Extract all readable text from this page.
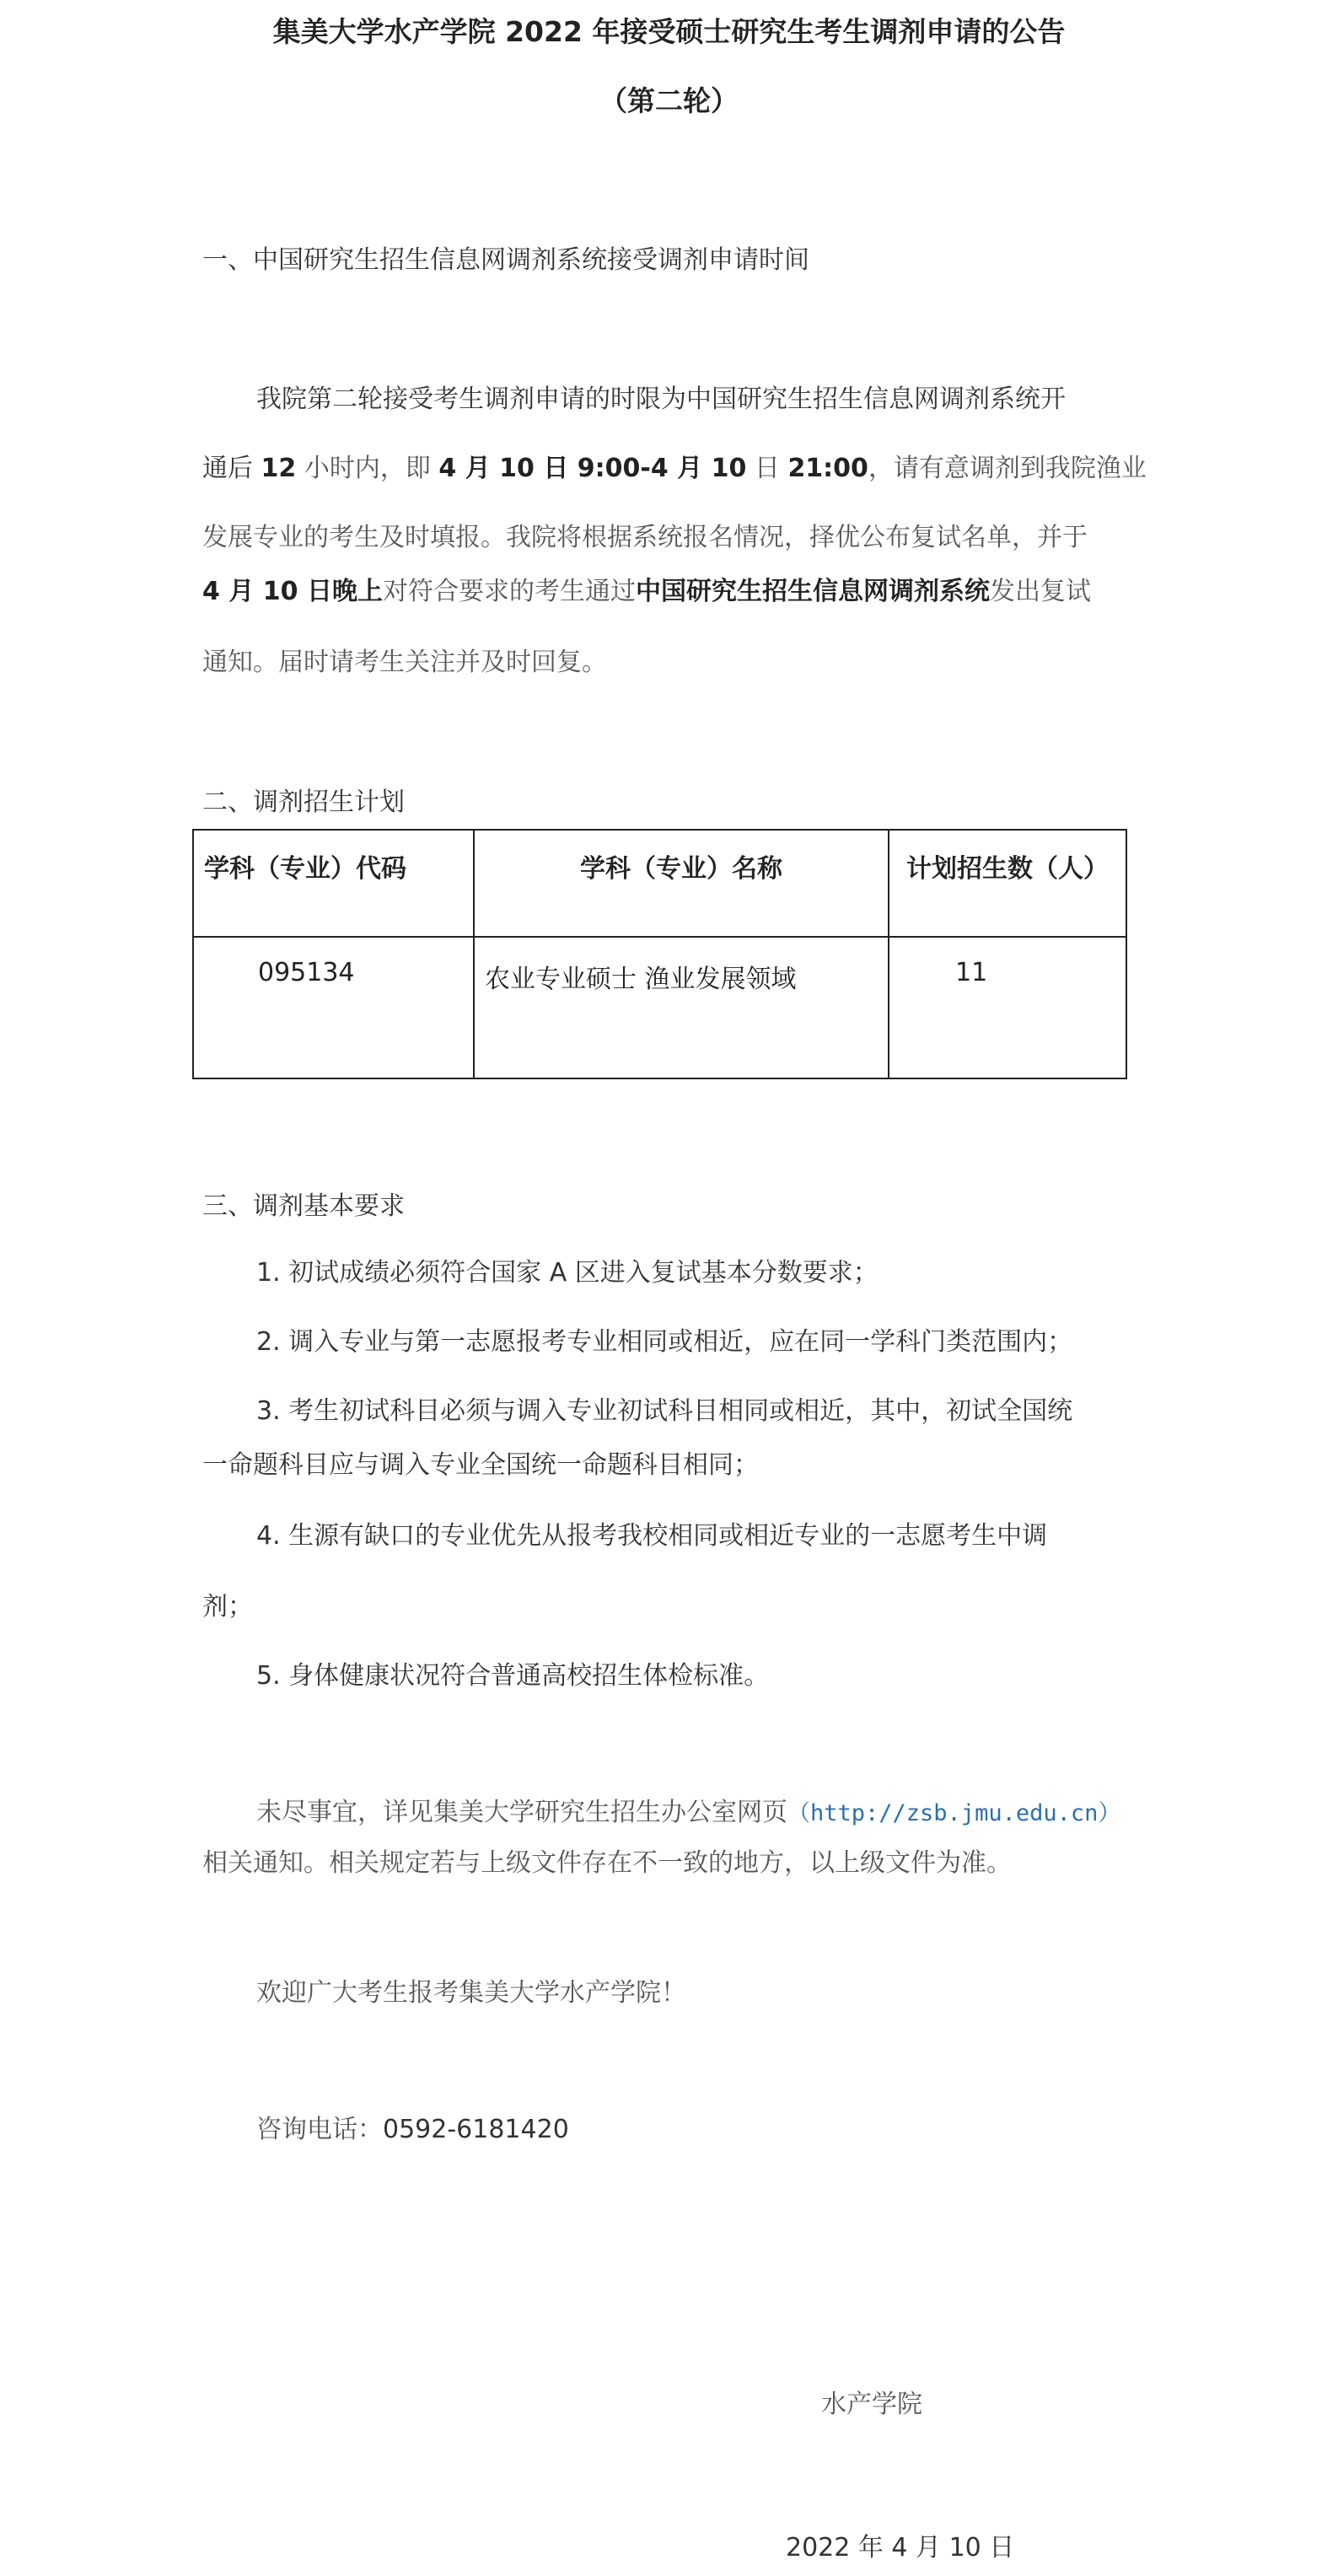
集美大学水产学院 2022 年接受硕士研究生考生调剂申请的公告
（第二轮）
一、中国研究生招生信息网调剂系统接受调剂申请时间
我院第二轮接受考生调剂申请的时限为中国研究生招生信息网调剂系统开
通后 12 小时内，即 4 月 10 日 9:00-4 月 10 日 21:00，请有意调剂到我院渔业
发展专业的考生及时填报。我院将根据系统报名情况，择优公布复试名单，并于
4 月 10 日晚上对符合要求的考生通过中国研究生招生信息网调剂系统发出复试
通知。届时请考生关注并及时回复。
二、调剂招生计划
学科（专业）代码	学科（专业）名称	计划招生数（人）
095134	农业专业硕士 渔业发展领域	11
三、调剂基本要求
1. 初试成绩必须符合国家 A 区进入复试基本分数要求；
2. 调入专业与第一志愿报考专业相同或相近，应在同一学科门类范围内；
3. 考生初试科目必须与调入专业初试科目相同或相近，其中，初试全国统
一命题科目应与调入专业全国统一命题科目相同；
4. 生源有缺口的专业优先从报考我校相同或相近专业的一志愿考生中调
剂；
5. 身体健康状况符合普通高校招生体检标准。
未尽事宜，详见集美大学研究生招生办公室网页（http://zsb.jmu.edu.cn）
相关通知。相关规定若与上级文件存在不一致的地方，以上级文件为准。
欢迎广大考生报考集美大学水产学院！
咨询电话：0592-6181420
水产学院
2022 年 4 月 10 日
